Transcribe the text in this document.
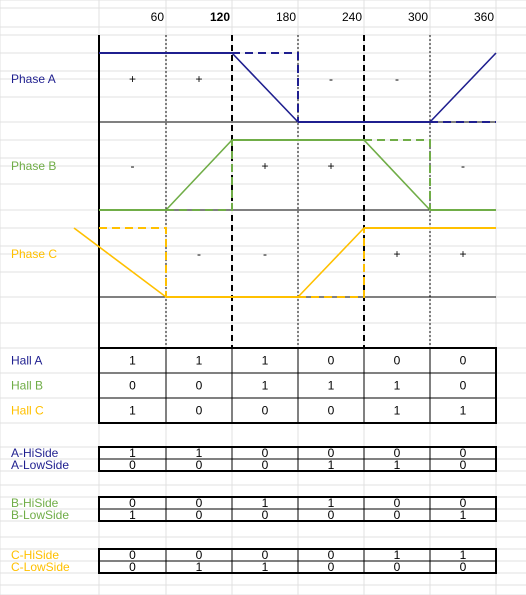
60	120	180	240	300	360
Phase A
Phase B
Phase C
+	+	-	-
-	+	+	-
-	-	+	+
Hall A	1	1	1	0	0	0
Hall B	0	0	1	1	1	0
Hall C	1	0	0	0	1	1
A-HiSide	1	1	0	0	0	0
A-LowSide	0	0	0	1	1	0
B-HiSide	0	0	1	1	0	0
B-LowSide	1	0	0	0	0	1
C-HiSide	0	0	0	0	1	1
C-LowSide	0	1	1	0	0	0
